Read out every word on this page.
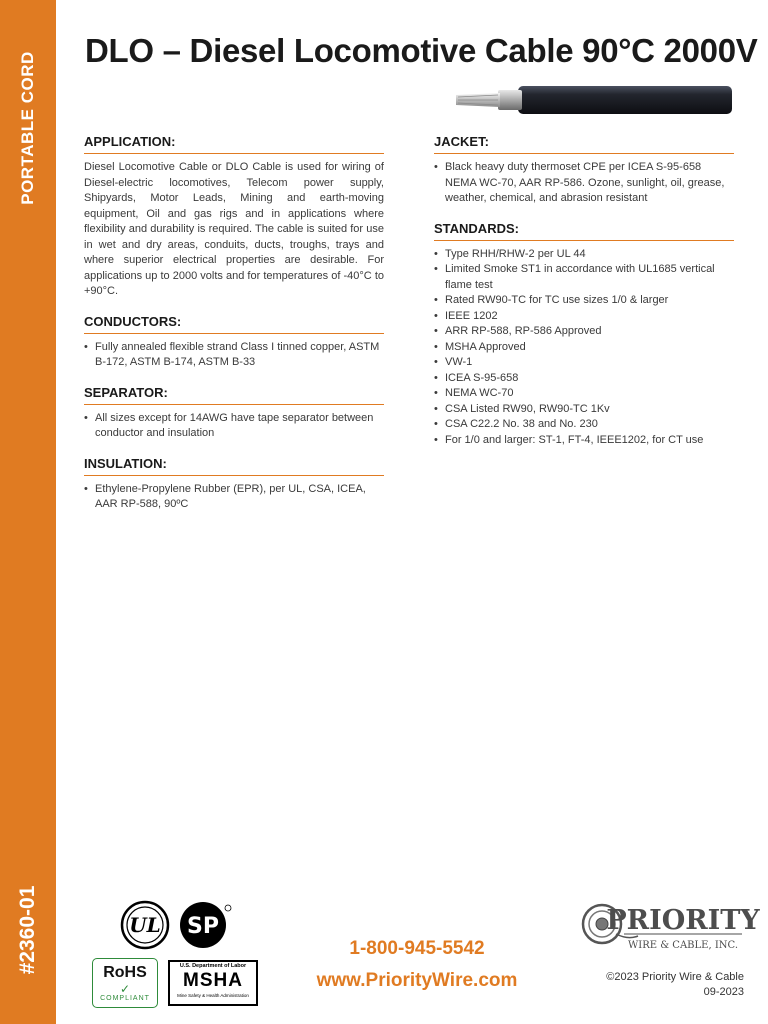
PORTABLE CORD
#2360-01
DLO – Diesel Locomotive Cable 90°C 2000V
APPLICATION:

Diesel Locomotive Cable or DLO Cable is used for wiring of Diesel-electric locomotives, Telecom power supply, Shipyards, Motor Leads, Mining and earth-moving equipment, Oil and gas rigs and in applications where flexibility and durability is required. The cable is suited for use in wet and dry areas, conduits, ducts, troughs, trays and where superior electrical properties are desirable. For applications up to 2000 volts and for temperatures of -40°C to +90°C.

CONDUCTORS:
• Fully annealed flexible strand Class I tinned copper, ASTM B-172, ASTM B-174, ASTM B-33
SEPARATOR:
• All sizes except for 14AWG have tape separator between conductor and insulation
INSULATION:
• Ethylene-Propylene Rubber (EPR), per UL, CSA, ICEA, AAR RP-588, 90ºC
JACKET:
• Black heavy duty thermoset CPE per ICEA S-95-658 NEMA WC-70, AAR RP-586. Ozone, sunlight, oil, grease, weather, chemical, and abrasion resistant
STANDARDS:
• Type RHH/RHW-2 per UL 44
• Limited Smoke ST1 in accordance with UL1685 vertical flame test
• Rated RW90-TC for TC use sizes 1/0 & larger
• IEEE 1202
• ARR RP-588, RP-586 Approved
• MSHA Approved
• VW-1
• ICEA S-95-658
• NEMA WC-70
• CSA Listed RW90, RW90-TC 1Kv
• CSA C22.2 No. 38 and No. 230
• For 1/0 and larger: ST-1, FT-4, IEEE1202, for CT use
UL SP
RoHS
✓
COMPLIANT
U.S. Department of Labor
MSHA
Mine Safety & Health Administration
1-800-945-5542
www.PriorityWire.com
PRIORITY
WIRE & CABLE, INC.
©2023 Priority Wire & Cable
09-2023
